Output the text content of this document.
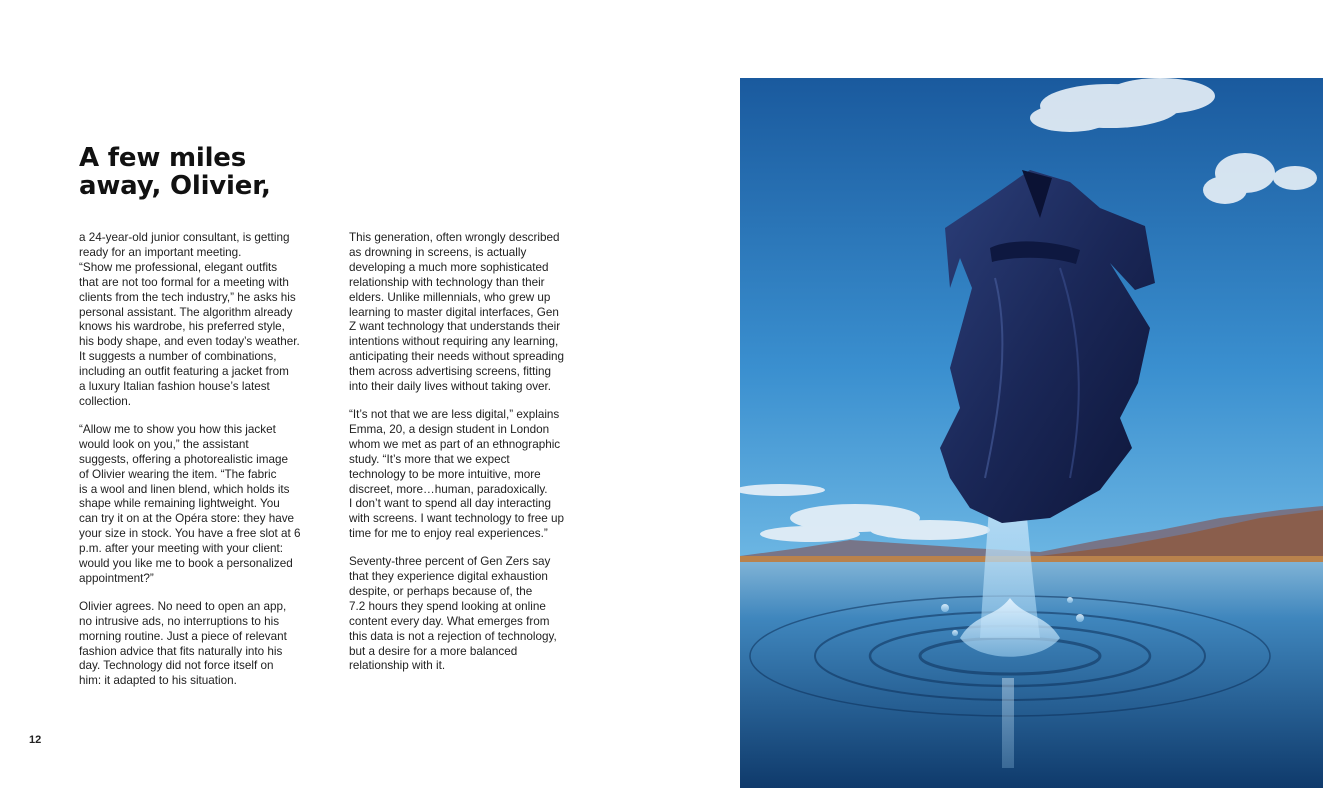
A few miles
away, Olivier,

a 24-year-old junior consultant, is getting
ready for an important meeting.
“Show me professional, elegant outfits
that are not too formal for a meeting with
clients from the tech industry,” he asks his
personal assistant. The algorithm already
knows his wardrobe, his preferred style,
his body shape, and even today’s weather.
It suggests a number of combinations,
including an outfit featuring a jacket from
a luxury Italian fashion house’s latest
collection.

“Allow me to show you how this jacket
would look on you,” the assistant
suggests, offering a photorealistic image
of Olivier wearing the item. “The fabric
is a wool and linen blend, which holds its
shape while remaining lightweight. You
can try it on at the Opéra store: they have
your size in stock. You have a free slot at 6
p.m. after your meeting with your client:
would you like me to book a personalized
appointment?”

Olivier agrees. No need to open an app,
no intrusive ads, no interruptions to his
morning routine. Just a piece of relevant
fashion advice that fits naturally into his
day. Technology did not force itself on
him: it adapted to his situation.

This generation, often wrongly described
as drowning in screens, is actually
developing a much more sophisticated
relationship with technology than their
elders. Unlike millennials, who grew up
learning to master digital interfaces, Gen
Z want technology that understands their
intentions without requiring any learning,
anticipating their needs without spreading
them across advertising screens, fitting
into their daily lives without taking over.

“It’s not that we are less digital,” explains
Emma, 20, a design student in London
whom we met as part of an ethnographic
study. “It’s more that we expect
technology to be more intuitive, more
discreet, more…human, paradoxically.
I don’t want to spend all day interacting
with screens. I want technology to free up
time for me to enjoy real experiences.”

Seventy-three percent of Gen Zers say
that they experience digital exhaustion
despite, or perhaps because of, the
7.2 hours they spend looking at online
content every day. What emerges from
this data is not a rejection of technology,
but a desire for a more balanced
relationship with it.

12
